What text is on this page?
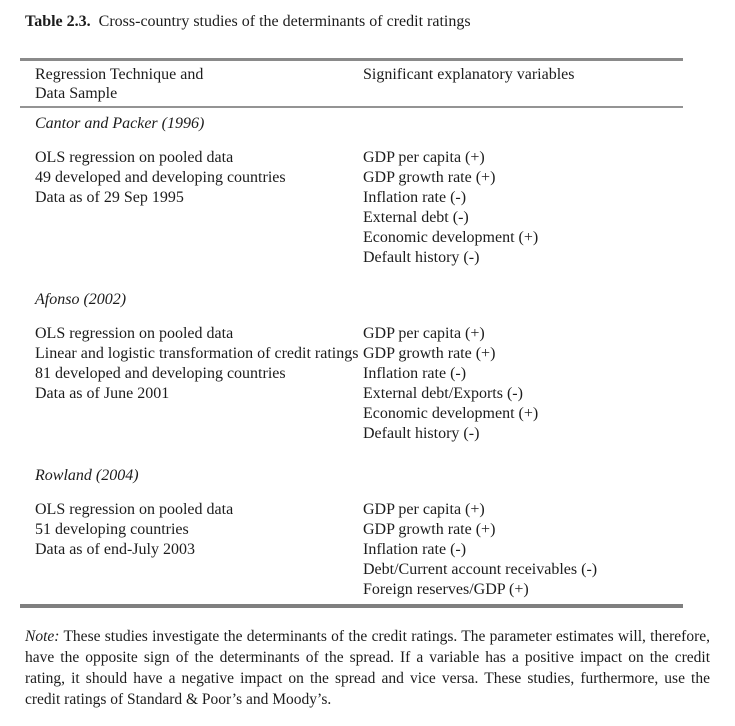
Table 2.3. Cross-country studies of the determinants of credit ratings
Regression Technique and
Data Sample
Significant explanatory variables
Cantor and Packer (1996)
OLS regression on pooled data
49 developed and developing countries
Data as of 29 Sep 1995
GDP per capita (+)
GDP growth rate (+)
Inflation rate (-)
External debt (-)
Economic development (+)
Default history (-)
Afonso (2002)
OLS regression on pooled data
Linear and logistic transformation of credit ratings
81 developed and developing countries
Data as of June 2001
GDP per capita (+)
GDP growth rate (+)
Inflation rate (-)
External debt/Exports (-)
Economic development (+)
Default history (-)
Rowland (2004)
OLS regression on pooled data
51 developing countries
Data as of end-July 2003
GDP per capita (+)
GDP growth rate (+)
Inflation rate (-)
Debt/Current account receivables (-)
Foreign reserves/GDP (+)

Note: These studies investigate the determinants of the credit ratings. The parameter estimates will, therefore, have the opposite sign of the determinants of the spread. If a variable has a positive impact on the credit rating, it should have a negative impact on the spread and vice versa. These studies, furthermore, use the credit ratings of Standard & Poor’s and Moody’s.
